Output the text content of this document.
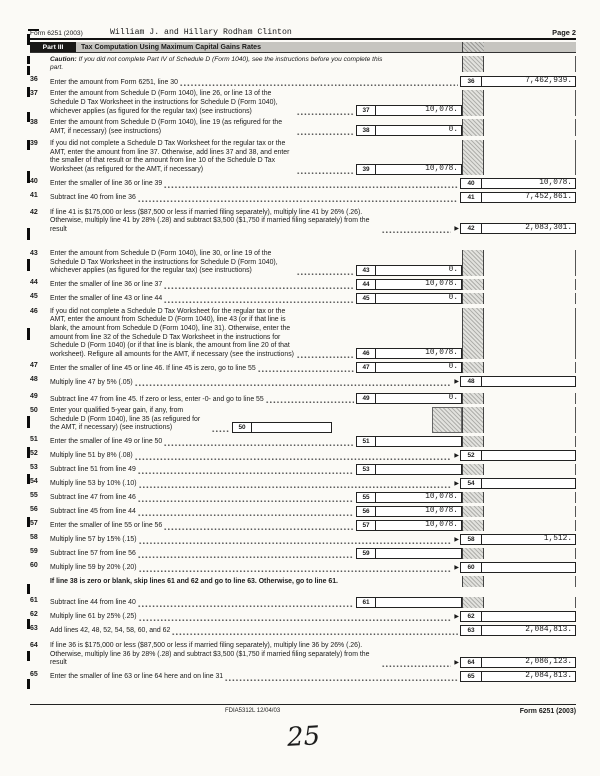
Form 6251 (2003)	William J. and Hillary Rodham Clinton	Page 2
Part III	Tax Computation Using Maximum Capital Gains Rates
Caution: If you did not complete Part IV of Schedule D (Form 1040), see the instructions before you complete this part.
36	Enter the amount from Form 6251, line 30	36	7,462,939.
37	Enter the amount from Schedule D (Form 1040), line 26, or line 13 of the Schedule D Tax Worksheet in the instructions for Schedule D (Form 1040), whichever applies (as figured for the regular tax) (see instructions)	37	10,078.
38	Enter the amount from Schedule D (Form 1040), line 19 (as refigured for the AMT, if necessary) (see instructions)	38	0.
39	If you did not complete a Schedule D Tax Worksheet for the regular tax or the AMT, enter the amount from line 37. Otherwise, add lines 37 and 38, and enter the smaller of that result or the amount from line 10 of the Schedule D Tax Worksheet (as refigured for the AMT, if necessary)	39	10,078.
40	Enter the smaller of line 36 or line 39	40	10,078.
41	Subtract line 40 from line 36	41	7,452,861.
42	If line 41 is $175,000 or less ($87,500 or less if married filing separately), multiply line 41 by 26% (.26). Otherwise, multiply line 41 by 28% (.28) and subtract $3,500 ($1,750 if married filing separately) from the result	▶	42	2,083,301.
43	Enter the amount from Schedule D (Form 1040), line 30, or line 19 of the Schedule D Tax Worksheet in the instructions for Schedule D (Form 1040), whichever applies (as figured for the regular tax) (see instructions)	43	0.
44	Enter the smaller of line 36 or line 37	44	10,078.
45	Enter the smaller of line 43 or line 44	45	0.
46	If you did not complete a Schedule D Tax Worksheet for the regular tax or the AMT, enter the amount from Schedule D (Form 1040), line 43 (or if that line is blank, the amount from Schedule D (Form 1040), line 31). Otherwise, enter the amount from line 32 of the Schedule D Tax Worksheet in the instructions for Schedule D (Form 1040) (or if that line is blank, the amount from line 20 of that worksheet). Refigure all amounts for the AMT, if necessary (see the instructions)	46	10,078.
47	Enter the smaller of line 45 or line 46. If line 45 is zero, go to line 55	47	0.
48	Multiply line 47 by 5% (.05)	▶	48
49	Subtract line 47 from line 45. If zero or less, enter -0- and go to line 55	49	0.
50	Enter your qualified 5-year gain, if any, from Schedule D (Form 1040), line 35 (as refigured for the AMT, if necessary) (see instructions)	50
51	Enter the smaller of line 49 or line 50	51
52	Multiply line 51 by 8% (.08)	▶	52
53	Subtract line 51 from line 49	53
54	Multiply line 53 by 10% (.10)	▶	54
55	Subtract line 47 from line 46	55	10,078.
56	Subtract line 45 from line 44	56	10,078.
57	Enter the smaller of line 55 or line 56	57	10,078.
58	Multiply line 57 by 15% (.15)	▶	58	1,512.
59	Subtract line 57 from line 56	59
60	Multiply line 59 by 20% (.20)	▶	60
If line 38 is zero or blank, skip lines 61 and 62 and go to line 63. Otherwise, go to line 61.
61	Subtract line 44 from line 40	61
62	Multiply line 61 by 25% (.25)	▶	62
63	Add lines 42, 48, 52, 54, 58, 60, and 62	63	2,084,813.
64	If line 36 is $175,000 or less ($87,500 or less if married filing separately), multiply line 36 by 26% (.26). Otherwise, multiply line 36 by 28% (.28) and subtract $3,500 ($1,750 if married filing separately) from the result	▶	64	2,086,123.
65	Enter the smaller of line 63 or line 64 here and on line 31	65	2,084,813.
FDIA5312L 12/04/03	Form 6251 (2003)
25
